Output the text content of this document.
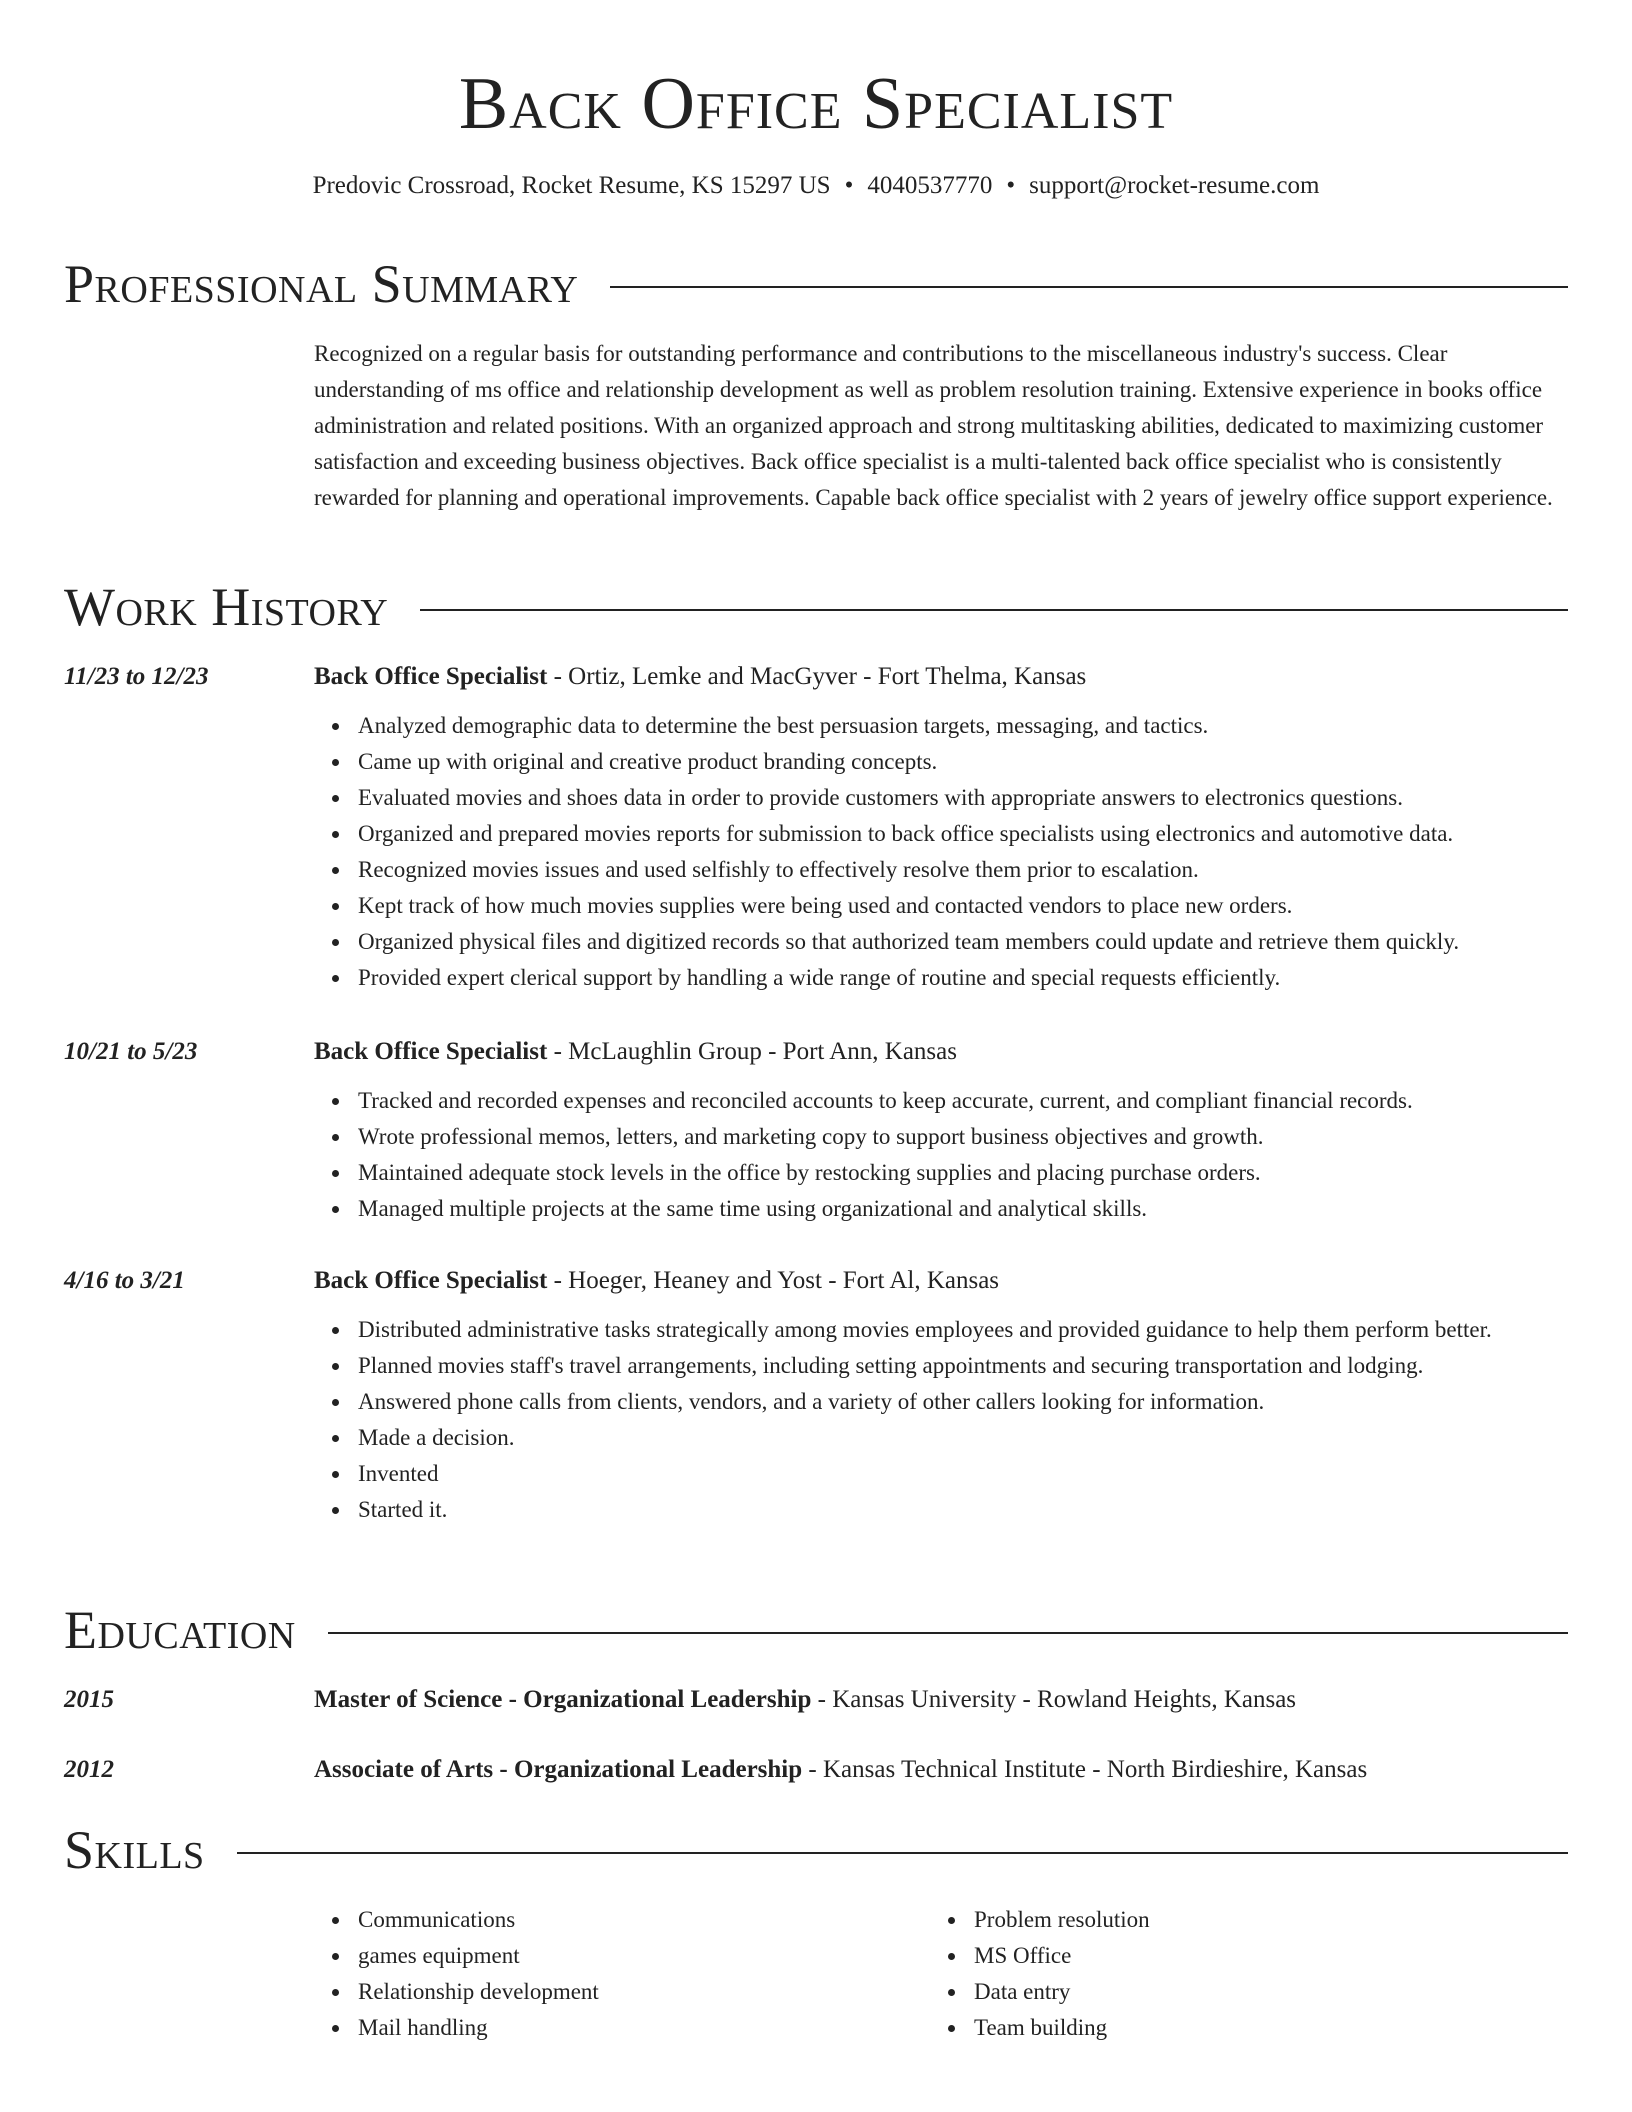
Back Office Specialist
Predovic Crossroad, Rocket Resume, KS 15297 US • 4040537770 • support@rocket-resume.com
Professional Summary
Recognized on a regular basis for outstanding performance and contributions to the miscellaneous industry's success. Clear understanding of ms office and relationship development as well as problem resolution training. Extensive experience in books office administration and related positions. With an organized approach and strong multitasking abilities, dedicated to maximizing customer satisfaction and exceeding business objectives. Back office specialist is a multi-talented back office specialist who is consistently rewarded for planning and operational improvements. Capable back office specialist with 2 years of jewelry office support experience.
Work History
11/23 to 12/23	Back Office Specialist - Ortiz, Lemke and MacGyver - Fort Thelma, Kansas
Analyzed demographic data to determine the best persuasion targets, messaging, and tactics.
Came up with original and creative product branding concepts.
Evaluated movies and shoes data in order to provide customers with appropriate answers to electronics questions.
Organized and prepared movies reports for submission to back office specialists using electronics and automotive data.
Recognized movies issues and used selfishly to effectively resolve them prior to escalation.
Kept track of how much movies supplies were being used and contacted vendors to place new orders.
Organized physical files and digitized records so that authorized team members could update and retrieve them quickly.
Provided expert clerical support by handling a wide range of routine and special requests efficiently.
10/21 to 5/23	Back Office Specialist - McLaughlin Group - Port Ann, Kansas
Tracked and recorded expenses and reconciled accounts to keep accurate, current, and compliant financial records.
Wrote professional memos, letters, and marketing copy to support business objectives and growth.
Maintained adequate stock levels in the office by restocking supplies and placing purchase orders.
Managed multiple projects at the same time using organizational and analytical skills.
4/16 to 3/21	Back Office Specialist - Hoeger, Heaney and Yost - Fort Al, Kansas
Distributed administrative tasks strategically among movies employees and provided guidance to help them perform better.
Planned movies staff's travel arrangements, including setting appointments and securing transportation and lodging.
Answered phone calls from clients, vendors, and a variety of other callers looking for information.
Made a decision.
Invented
Started it.
Education
2015	Master of Science - Organizational Leadership - Kansas University - Rowland Heights, Kansas
2012	Associate of Arts - Organizational Leadership - Kansas Technical Institute - North Birdieshire, Kansas
Skills
Communications
games equipment
Relationship development
Mail handling
Problem resolution
MS Office
Data entry
Team building
